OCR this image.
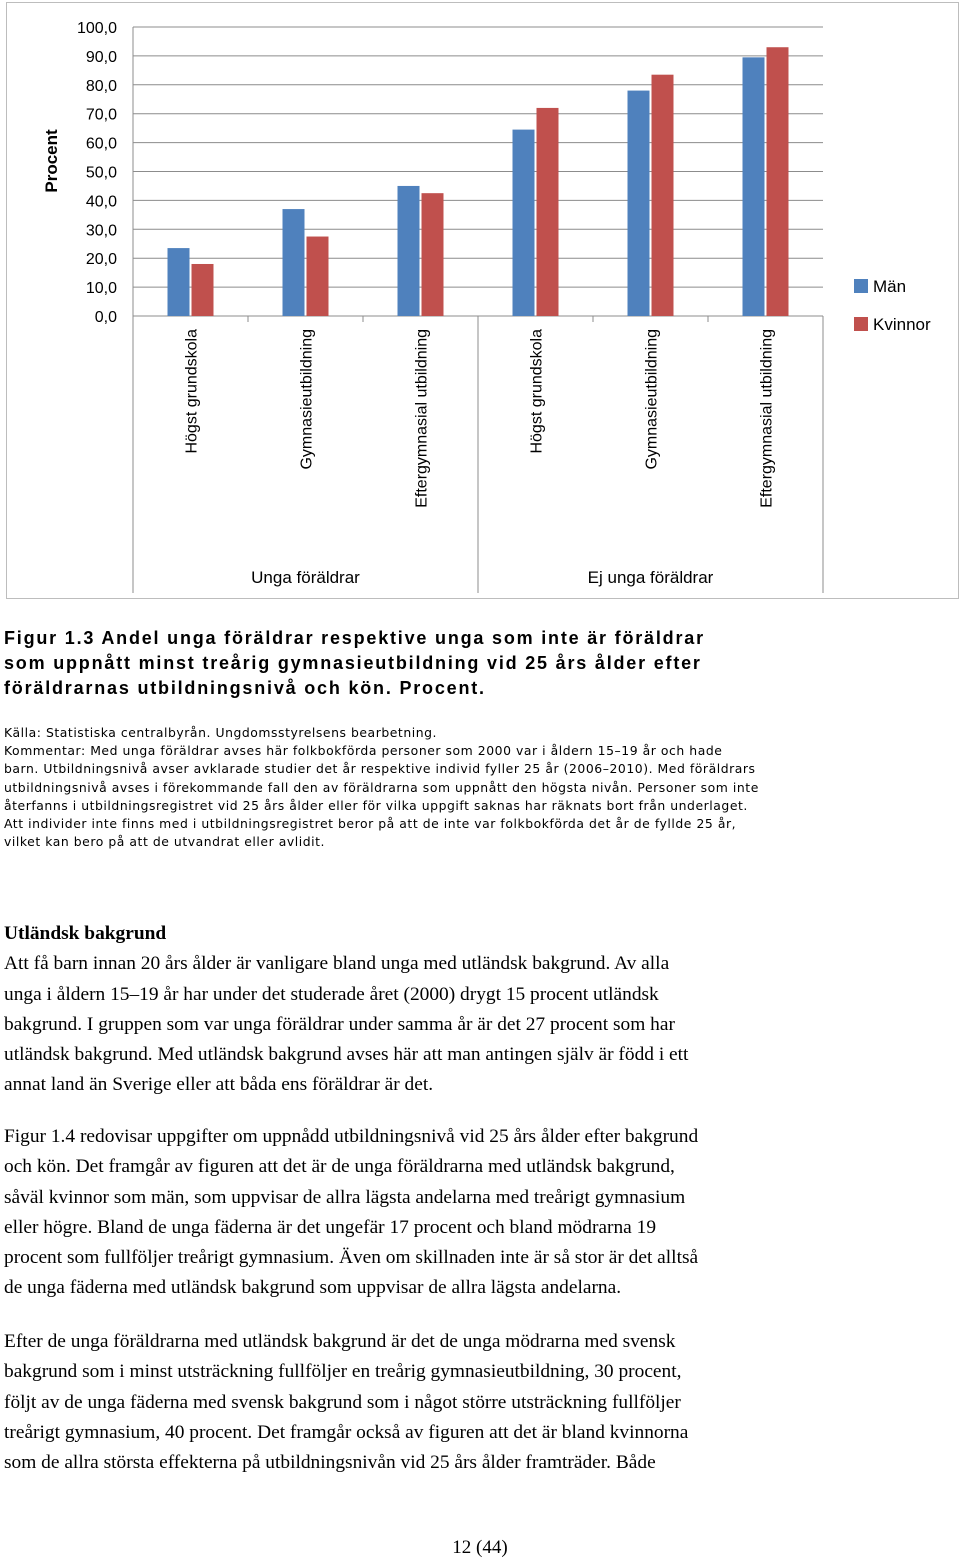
100,0
90,0
80,0
70,0
60,0
50,0
40,0
30,0
20,0
10,0
0,0
Procent
Högst grundskola	Gymnasieutbildning	Eftergymnasial utbildning	Högst grundskola	Gymnasieutbildning	Eftergymnasial utbildning
Unga föräldrar	Ej unga föräldrar
Män
Kvinnor
Figur 1.3 Andel unga föräldrar respektive unga som inte är föräldrar
som uppnått minst treårig gymnasieutbildning vid 25 års ålder efter
föräldrarnas utbildningsnivå och kön. Procent.

Källa: Statistiska centralbyrån. Ungdomsstyrelsens bearbetning.

Kommentar: Med unga föräldrar avses här folkbokförda personer som 2000 var i åldern 15–19 år och hade

barn. Utbildningsnivå avser avklarade studier det år respektive individ fyller 25 år (2006–2010). Med föräldrars

utbildningsnivå avses i förekommande fall den av föräldrarna som uppnått den högsta nivån. Personer som inte

återfanns i utbildningsregistret vid 25 års ålder eller för vilka uppgift saknas har räknats bort från underlaget.

Att individer inte finns med i utbildningsregistret beror på att de inte var folkbokförda det år de fyllde 25 år,

vilket kan bero på att de utvandrat eller avlidit.

Utländsk bakgrund

Att få barn innan 20 års ålder är vanligare bland unga med utländsk bakgrund. Av alla

unga i åldern 15–19 år har under det studerade året (2000) drygt 15 procent utländsk

bakgrund. I gruppen som var unga föräldrar under samma år är det 27 procent som har

utländsk bakgrund. Med utländsk bakgrund avses här att man antingen själv är född i ett

annat land än Sverige eller att båda ens föräldrar är det.

Figur 1.4 redovisar uppgifter om uppnådd utbildningsnivå vid 25 års ålder efter bakgrund

och kön. Det framgår av figuren att det är de unga föräldrarna med utländsk bakgrund,

såväl kvinnor som män, som uppvisar de allra lägsta andelarna med treårigt gymnasium

eller högre. Bland de unga fäderna är det ungefär 17 procent och bland mödrarna 19

procent som fullföljer treårigt gymnasium. Även om skillnaden inte är så stor är det alltså

de unga fäderna med utländsk bakgrund som uppvisar de allra lägsta andelarna.

Efter de unga föräldrarna med utländsk bakgrund är det de unga mödrarna med svensk

bakgrund som i minst utsträckning fullföljer en treårig gymnasieutbildning, 30 procent,

följt av de unga fäderna med svensk bakgrund som i något större utsträckning fullföljer

treårigt gymnasium, 40 procent. Det framgår också av figuren att det är bland kvinnorna

som de allra största effekterna på utbildningsnivån vid 25 års ålder framträder. Både

12 (44)
